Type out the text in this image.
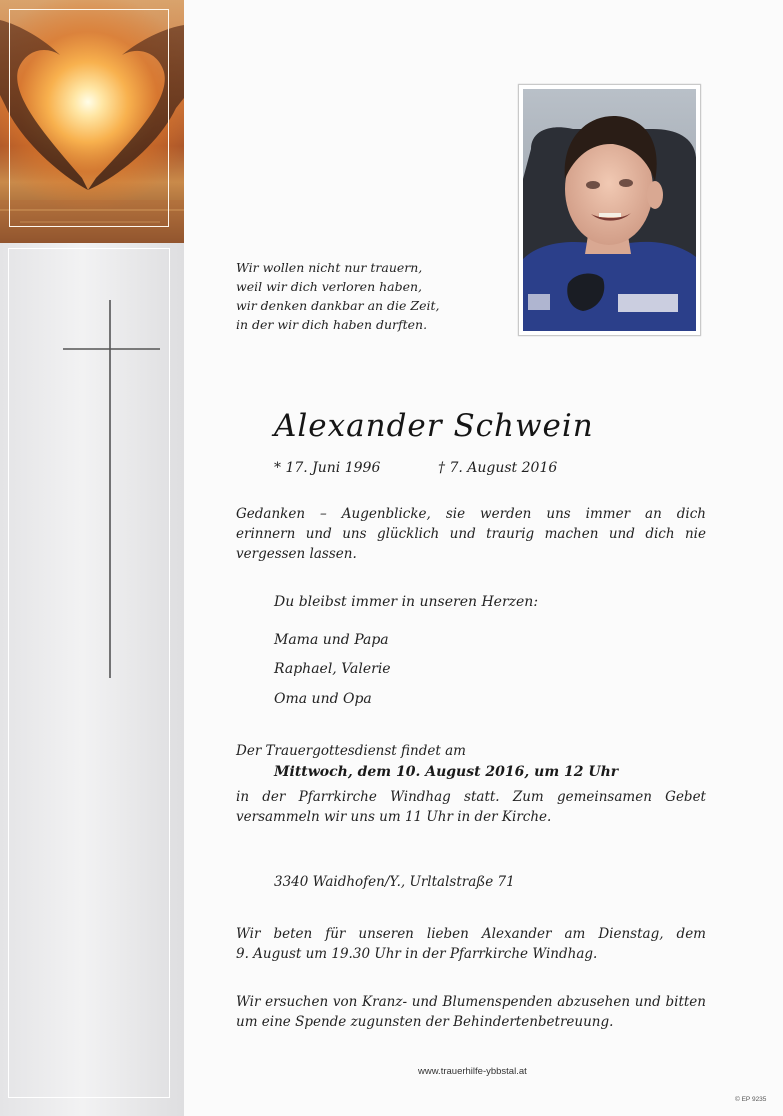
Wir wollen nicht nur trauern,
weil wir dich verloren haben,
wir denken dankbar an die Zeit,
in der wir dich haben durften.
Alexander Schwein
* 17. Juni 1996	† 7. August 2016
Gedanken – Augenblicke, sie werden uns immer an dich
erinnern und uns glücklich und traurig machen und dich nie
vergessen lassen.
Du bleibst immer in unseren Herzen:
Mama und Papa
Raphael, Valerie
Oma und Opa
Der Trauergottesdienst findet am
Mittwoch, dem 10. August 2016, um 12 Uhr
in der Pfarrkirche Windhag statt. Zum gemeinsamen Gebet
versammeln wir uns um 11 Uhr in der Kirche.
3340 Waidhofen/Y., Urltalstraße 71
Wir beten für unseren lieben Alexander am Dienstag, dem
9. August um 19.30 Uhr in der Pfarrkirche Windhag.
Wir ersuchen von Kranz- und Blumenspenden abzusehen und bitten
um eine Spende zugunsten der Behindertenbetreuung.
www.trauerhilfe-ybbstal.at
© EP 9235
